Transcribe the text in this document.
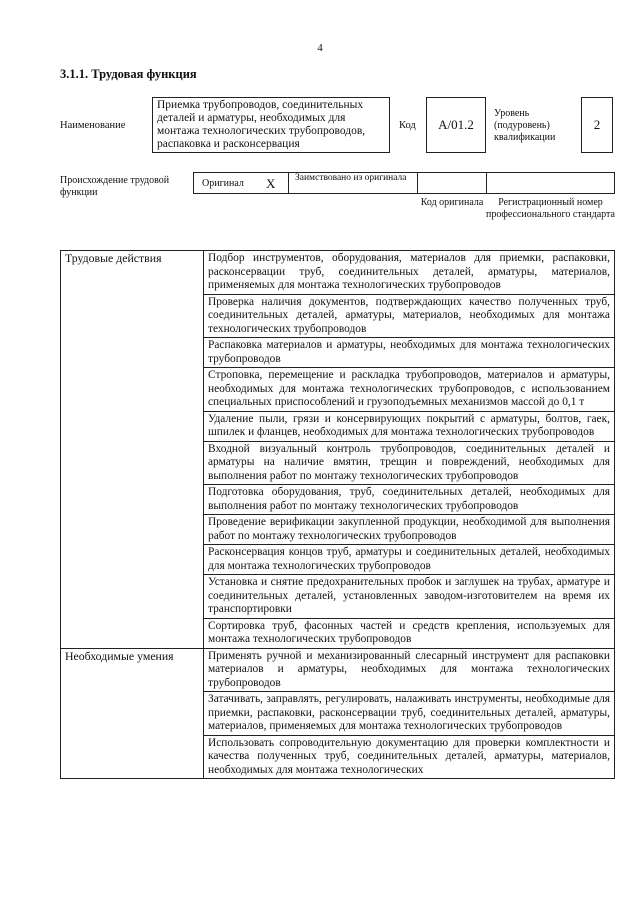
4
3.1.1. Трудовая функция
Наименование
Приемка трубопроводов, соединительных деталей и арматуры, необходимых для монтажа технологических трубопроводов, распаковка и расконсервация
Код A/01.2
Уровень (подуровень) квалификации
2
Происхождение трудовой функции
Оригинал X Заимствовано из оригинала
Код оригинала	Регистрационный номер профессионального стандарта
Трудовые действия	Подбор инструментов, оборудования, материалов для приемки, распаковки, расконсервации труб, соединительных деталей, арматуры, материалов, применяемых для монтажа технологических трубопроводов
	Проверка наличия документов, подтверждающих качество полученных труб, соединительных деталей, арматуры, материалов, необходимых для монтажа технологических трубопроводов
	Распаковка материалов и арматуры, необходимых для монтажа технологических трубопроводов
	Строповка, перемещение и раскладка трубопроводов, материалов и арматуры, необходимых для монтажа технологических трубопроводов, с использованием специальных приспособлений и грузоподъемных механизмов массой до 0,1 т
	Удаление пыли, грязи и консервирующих покрытий с арматуры, болтов, гаек, шпилек и фланцев, необходимых для монтажа технологических трубопроводов
	Входной визуальный контроль трубопроводов, соединительных деталей и арматуры на наличие вмятин, трещин и повреждений, необходимых для выполнения работ по монтажу технологических трубопроводов
	Подготовка оборудования, труб, соединительных деталей, необходимых для выполнения работ по монтажу технологических трубопроводов
	Проведение верификации закупленной продукции, необходимой для выполнения работ по монтажу технологических трубопроводов
	Расконсервация концов труб, арматуры и соединительных деталей, необходимых для монтажа технологических трубопроводов
	Установка и снятие предохранительных пробок и заглушек на трубах, арматуре и соединительных деталей, установленных заводом-изготовителем на время их транспортировки
	Сортировка труб, фасонных частей и средств крепления, используемых для монтажа технологических трубопроводов
Необходимые умения	Применять ручной и механизированный слесарный инструмент для распаковки материалов и арматуры, необходимых для монтажа технологических трубопроводов
	Затачивать, заправлять, регулировать, налаживать инструменты, необходимые для приемки, распаковки, расконсервации труб, соединительных деталей, арматуры, материалов, применяемых для монтажа технологических трубопроводов
	Использовать сопроводительную документацию для проверки комплектности и качества полученных труб, соединительных деталей, арматуры, материалов, необходимых для монтажа технологических
